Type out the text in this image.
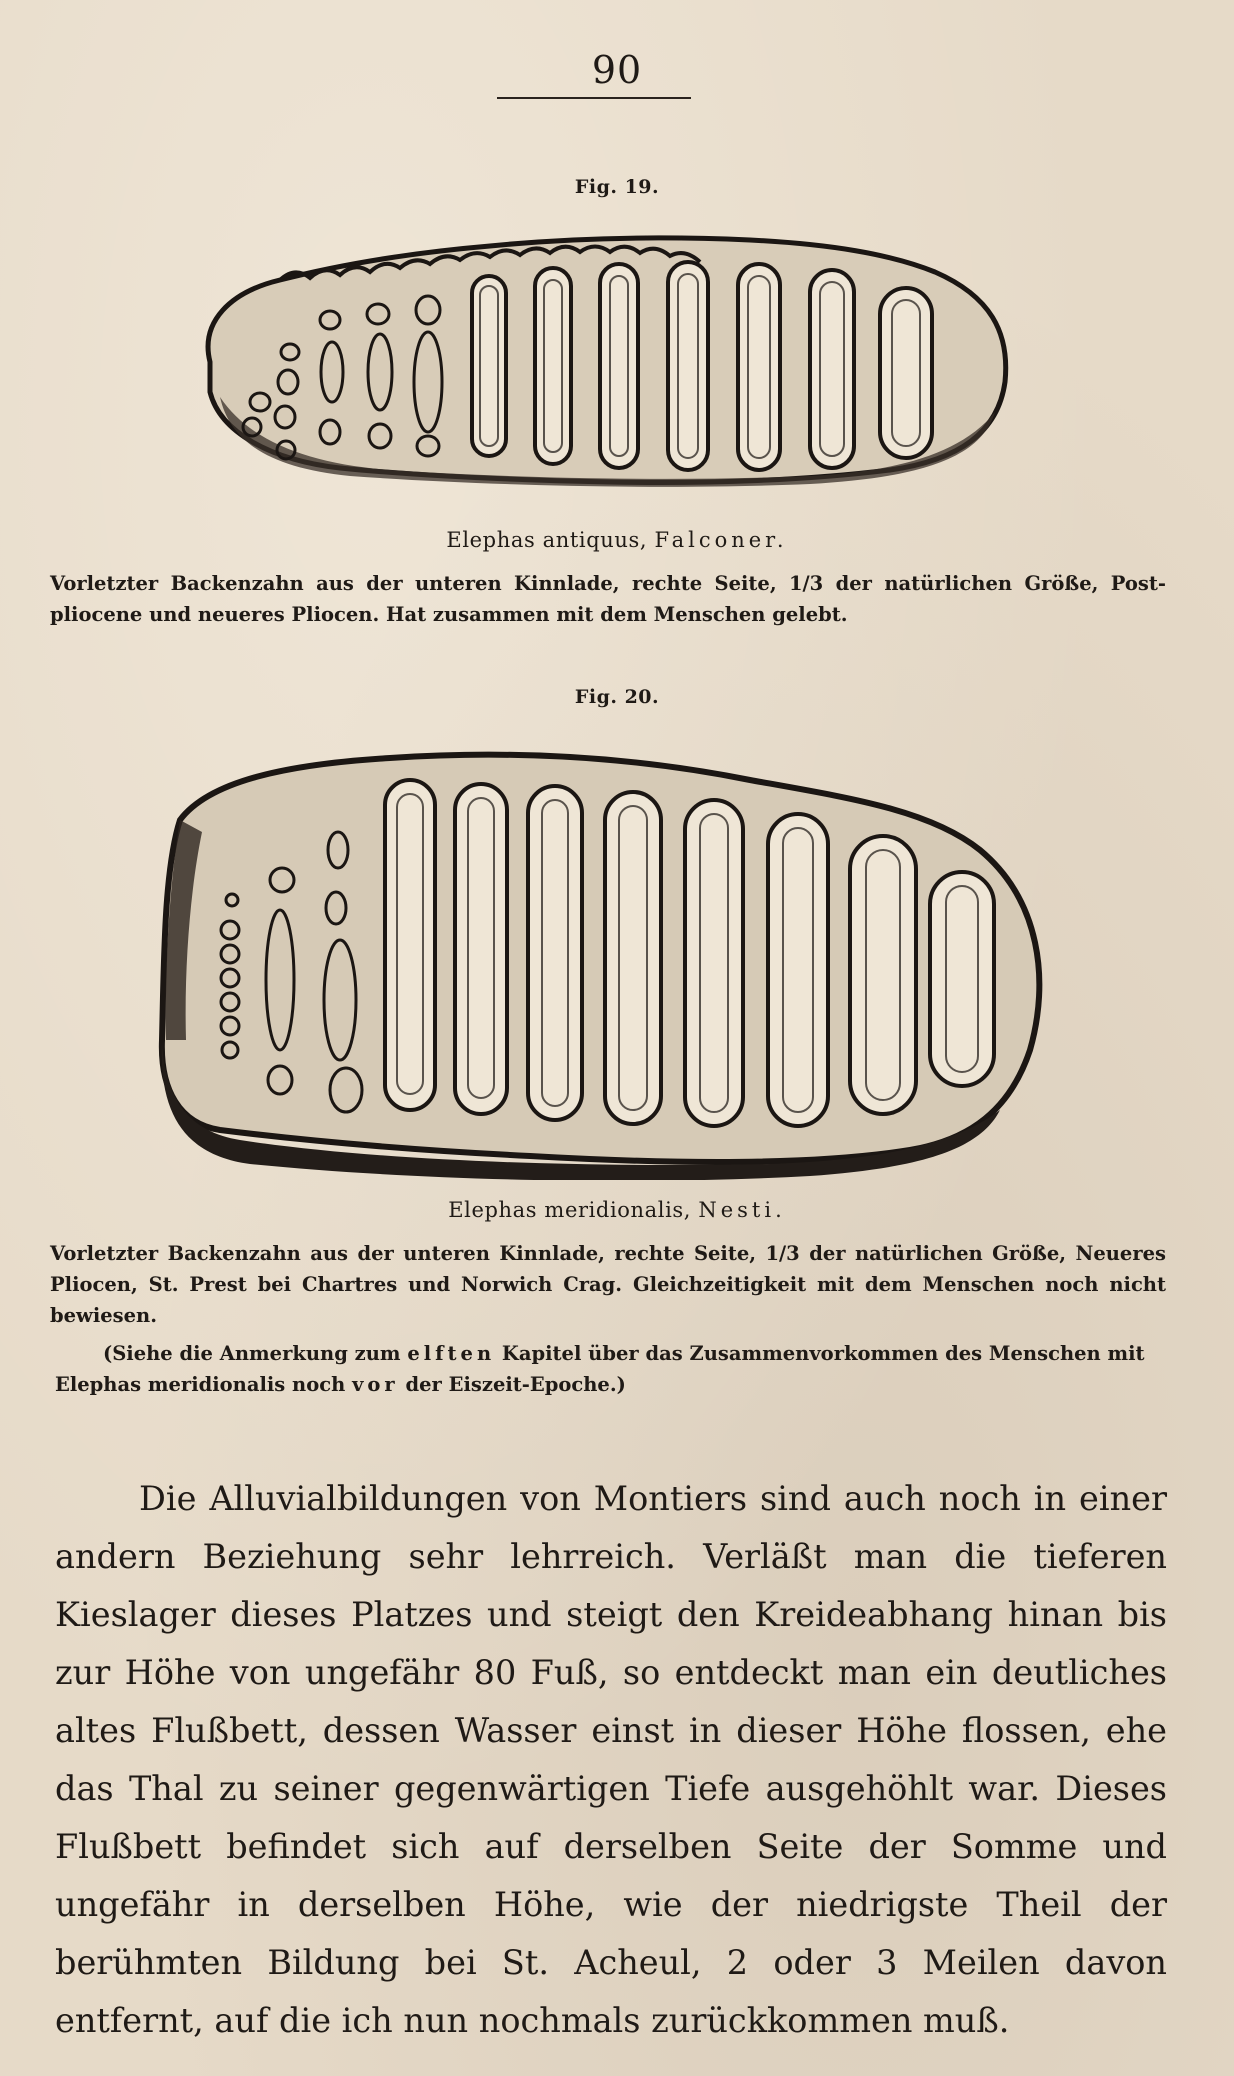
90
Fig. 19.
Elephas antiquus, Falconer.
Vorletzter Backenzahn aus der unteren Kinnlade, rechte Seite, 1/3 der natürlichen Größe, Post-pliocene und neueres Pliocen. Hat zusammen mit dem Menschen gelebt.
Fig. 20.
Elephas meridionalis, Nesti.
Vorletzter Backenzahn aus der unteren Kinnlade, rechte Seite, 1/3 der natürlichen Größe, Neueres Pliocen, St. Prest bei Chartres und Norwich Crag. Gleichzeitigkeit mit dem Menschen noch nicht bewiesen.
(Siehe die Anmerkung zum elften Kapitel über das Zusammenvorkommen des Menschen mit Elephas meridionalis noch vor der Eiszeit-Epoche.)
Die Alluvialbildungen von Montiers sind auch noch in einer andern Beziehung sehr lehrreich. Verläßt man die tieferen Kieslager dieses Platzes und steigt den Kreideabhang hinan bis zur Höhe von ungefähr 80 Fuß, so entdeckt man ein deutliches altes Flußbett, dessen Wasser einst in dieser Höhe flossen, ehe das Thal zu seiner gegenwärtigen Tiefe ausgehöhlt war. Dieses Flußbett befindet sich auf derselben Seite der Somme und ungefähr in derselben Höhe, wie der niedrigste Theil der berühmten Bildung bei St. Acheul, 2 oder 3 Meilen davon entfernt, auf die ich nun nochmals zurückkommen muß.
